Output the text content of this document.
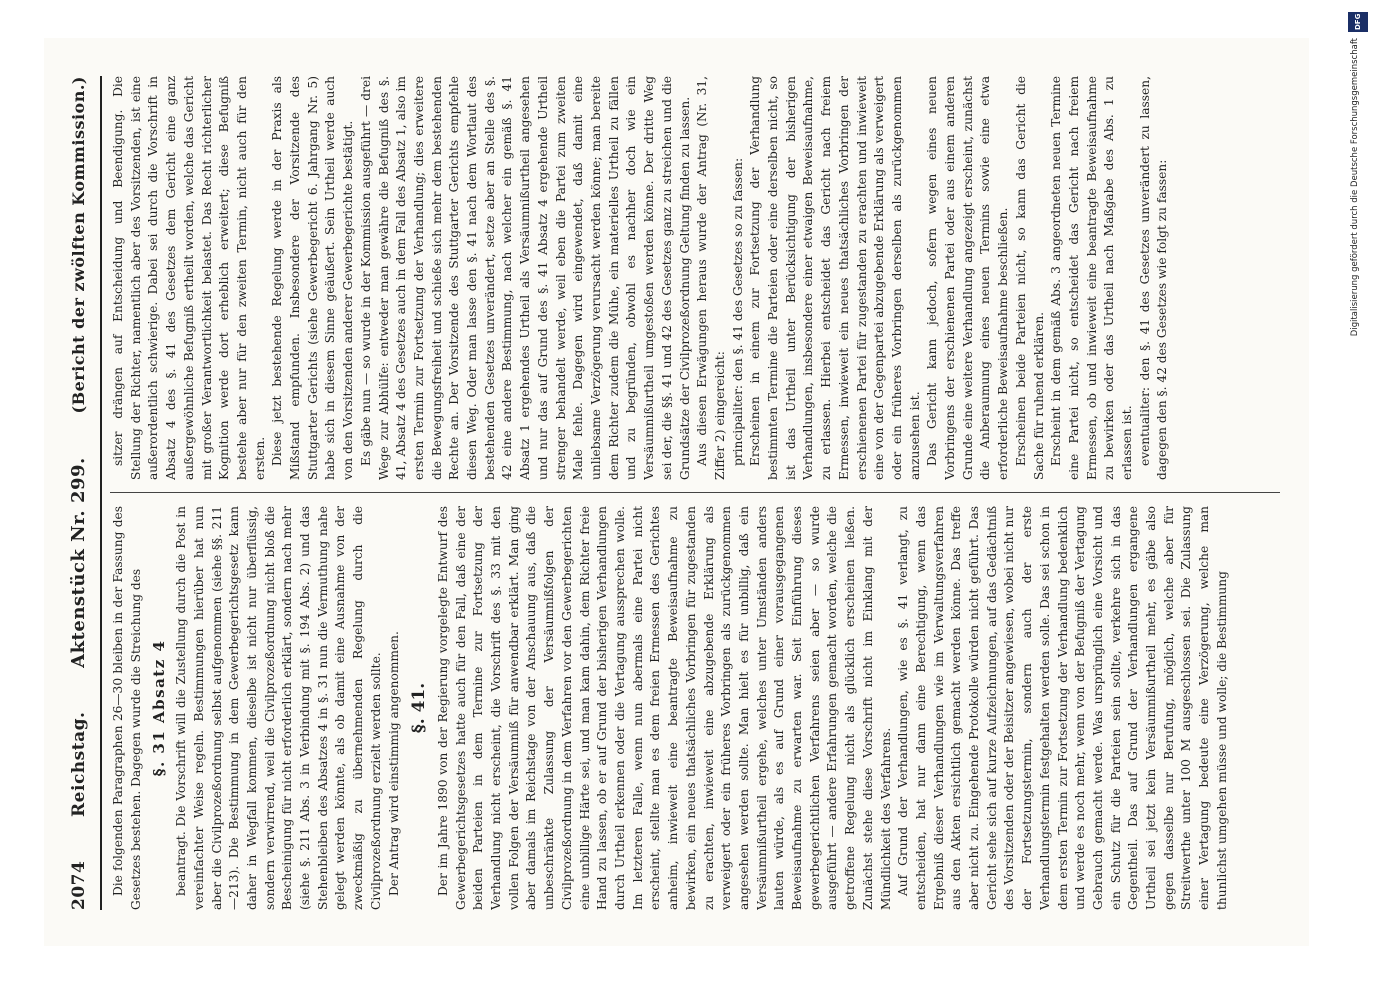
2074
Reichstag.
Aktenstück Nr. 299.
(Bericht der zwölften Kommission.)

Die folgenden Paragraphen 26—30 bleiben in der Fassung des Gesetzes bestehen. Dagegen wurde die Streichung des §. 31 Absatz 4 beantragt. Die Vorschrift will die Zustellung durch die Post in vereinfachter Weise regeln. Bestimmungen hierüber hat nun aber die Civilprozeßordnung selbst aufgenommen (siehe §§. 211—213). Die Bestimmung in dem Gewerbegerichtsgesetz kann daher in Wegfall kommen, dieselbe ist nicht nur überflüssig, sondern verwirrend, weil die Civilprozeßordnung nicht bloß die Bescheinigung für nicht erforderlich erklärt, sondern nach mehr (siehe §. 211 Abs. 3 in Verbindung mit §. 194 Abs. 2) und das Stehenbleiben des Absatzes 4 in §. 31 nun die Vermuthung nahe gelegt werden könnte, als ob damit eine Ausnahme von der zweckmäßig zu übernehmenden Regelung durch die Civilprozeßordnung erzielt werden sollte. Der Antrag wird einstimmig angenommen. §. 41. Der im Jahre 1890 von der Regierung vorgelegte Entwurf des Gewerbegerichtsgesetzes hatte auch für den Fall, daß eine der beiden Parteien in dem Termine zur Fortsetzung der Verhandlung nicht erscheint, die Vorschrift des §. 33 mit den vollen Folgen der Versäumniß für anwendbar erklärt. Man ging aber damals im Reichstage von der Anschauung aus, daß die unbeschränkte Zulassung der Versäumnißfolgen der Civilprozeßordnung in dem Verfahren vor den Gewerbegerichten eine unbillige Härte sei, und man kam dahin, dem Richter freie Hand zu lassen, ob er auf Grund der bisherigen Verhandlungen durch Urtheil erkennen oder die Vertagung aussprechen wolle. Im letzteren Falle, wenn nun abermals eine Partei nicht erscheint, stellte man es dem freien Ermessen des Gerichtes anheim, inwieweit eine beantragte Beweisaufnahme zu bewirken, ein neues thatsächliches Vorbringen für zugestanden zu erachten, inwieweit eine abzugebende Erklärung als verweigert oder ein früheres Vorbringen als zurückgenommen angesehen werden sollte. Man hielt es für unbillig, daß ein Versäumnißurtheil ergehe, welches unter Umständen anders lauten würde, als es auf Grund einer vorausgegangenen Beweisaufnahme zu erwarten war. Seit Einführung dieses gewerbegerichtlichen Verfahrens seien aber — so wurde ausgeführt — andere Erfahrungen gemacht worden, welche die getroffene Regelung nicht als glücklich erscheinen ließen. Zunächst stehe diese Vorschrift nicht im Einklang mit der Mündlichkeit des Verfahrens. Auf Grund der Verhandlungen, wie es §. 41 verlangt, zu entscheiden, hat nur dann eine Berechtigung, wenn das Ergebniß dieser Verhandlungen wie im Verwaltungsverfahren aus den Akten ersichtlich gemacht werden könne. Das treffe aber nicht zu. Eingehende Protokolle würden nicht geführt. Das Gericht sehe sich auf kurze Aufzeichnungen, auf das Gedächtniß des Vorsitzenden oder der Beisitzer angewiesen, wobei nicht nur der Fortsetzungstermin, sondern auch der erste Verhandlungstermin festgehalten werden solle. Das sei schon in dem ersten Termin zur Fortsetzung der Verhandlung bedenklich und werde es noch mehr, wenn von der Befugniß der Vertagung Gebrauch gemacht werde. Was ursprünglich eine Vorsicht und ein Schutz für die Parteien sein sollte, verkehre sich in das Gegentheil. Das auf Grund der Verhandlungen ergangene Urtheil sei jetzt kein Versäumnißurtheil mehr, es gäbe also gegen dasselbe nur Berufung, möglich, welche aber für Streitwerthe unter 100 M ausgeschlossen sei. Die Zulassung einer Vertagung bedeute eine Verzögerung, welche man thunlichst umgehen müsse und wolle; die Bestimmung

sitzer drängen auf Entscheidung und Beendigung. Die Stellung der Richter, namentlich aber des Vorsitzenden, ist eine außerordentlich schwierige. Dabei sei durch die Vorschrift in Absatz 4 des §. 41 des Gesetzes dem Gericht eine ganz außergewöhnliche Befugniß ertheilt worden, welche das Gericht mit großer Verantwortlichkeit belastet. Das Recht richterlicher Kognition werde dort erheblich erweitert; diese Befugniß bestehe aber nur für den zweiten Termin, nicht auch für den ersten. Diese jetzt bestehende Regelung werde in der Praxis als Mißstand empfunden. Insbesondere der Vorsitzende des Stuttgarter Gerichts (siehe Gewerbegericht 6. Jahrgang Nr. 5) habe sich in diesem Sinne geäußert. Sein Urtheil werde auch von den Vorsitzenden anderer Gewerbegerichte bestätigt. Es gäbe nun — so wurde in der Kommission ausgeführt — drei Wege zur Abhülfe: entweder man gewähre die Befugniß des §. 41, Absatz 4 des Gesetzes auch in dem Fall des Absatz 1, also im ersten Termin zur Fortsetzung der Verhandlung; dies erweitere die Bewegungsfreiheit und schieße sich mehr dem bestehenden Rechte an. Der Vorsitzende des Stuttgarter Gerichts empfehle diesen Weg. Oder man lasse den §. 41 nach dem Wortlaut des bestehenden Gesetzes unverändert, setze aber an Stelle des §. 42 eine andere Bestimmung, nach welcher ein gemäß §. 41 Absatz 1 ergehendes Urtheil als Versäumnißurtheil angesehen und nur das auf Grund des §. 41 Absatz 4 ergehende Urtheil strenger behandelt werde, weil eben die Partei zum zweiten Male fehle. Dagegen wird eingewendet, daß damit eine unliebsame Verzögerung verursacht werden könne; man bereite dem Richter zudem die Mühe, ein materielles Urtheil zu fällen und zu begründen, obwohl es nachher doch wie ein Versäumnißurtheil umgestoßen werden könne. Der dritte Weg sei der, die §§. 41 und 42 des Gesetzes ganz zu streichen und die Grundsätze der Civilprozeßordnung Geltung finden zu lassen. Aus diesen Erwägungen heraus wurde der Antrag (Nr. 31, Ziffer 2) eingereicht: principaliter: den §. 41 des Gesetzes so zu fassen: Erscheinen in einem zur Fortsetzung der Verhandlung bestimmten Termine die Parteien oder eine derselben nicht, so ist das Urtheil unter Berücksichtigung der bisherigen Verhandlungen, insbesondere einer etwaigen Beweisaufnahme, zu erlassen. Hierbei entscheidet das Gericht nach freiem Ermessen, inwieweit ein neues thatsächliches Vorbringen der erschienenen Partei für zugestanden zu erachten und inwieweit eine von der Gegenpartei abzugebende Erklärung als verweigert oder ein früheres Vorbringen derselben als zurückgenommen anzusehen ist. Das Gericht kann jedoch, sofern wegen eines neuen Vorbringens der erschienenen Partei oder aus einem anderen Grunde eine weitere Verhandlung angezeigt erscheint, zunächst die Anberaumung eines neuen Termins sowie eine etwa erforderliche Beweisaufnahme beschließen. Erscheinen beide Parteien nicht, so kann das Gericht die Sache für ruhend erklären. Erscheint in dem gemäß Abs. 3 angeordneten neuen Termine eine Partei nicht, so entscheidet das Gericht nach freiem Ermessen, ob und inwieweit eine beantragte Beweisaufnahme zu bewirken oder das Urtheil nach Maßgabe des Abs. 1 zu erlassen ist. eventualiter: den §. 41 des Gesetzes unverändert zu lassen, dagegen den §. 42 des Gesetzes wie folgt zu fassen:

DFG
Digitalisierung gefördert durch die Deutsche Forschungsgemeinschaft
